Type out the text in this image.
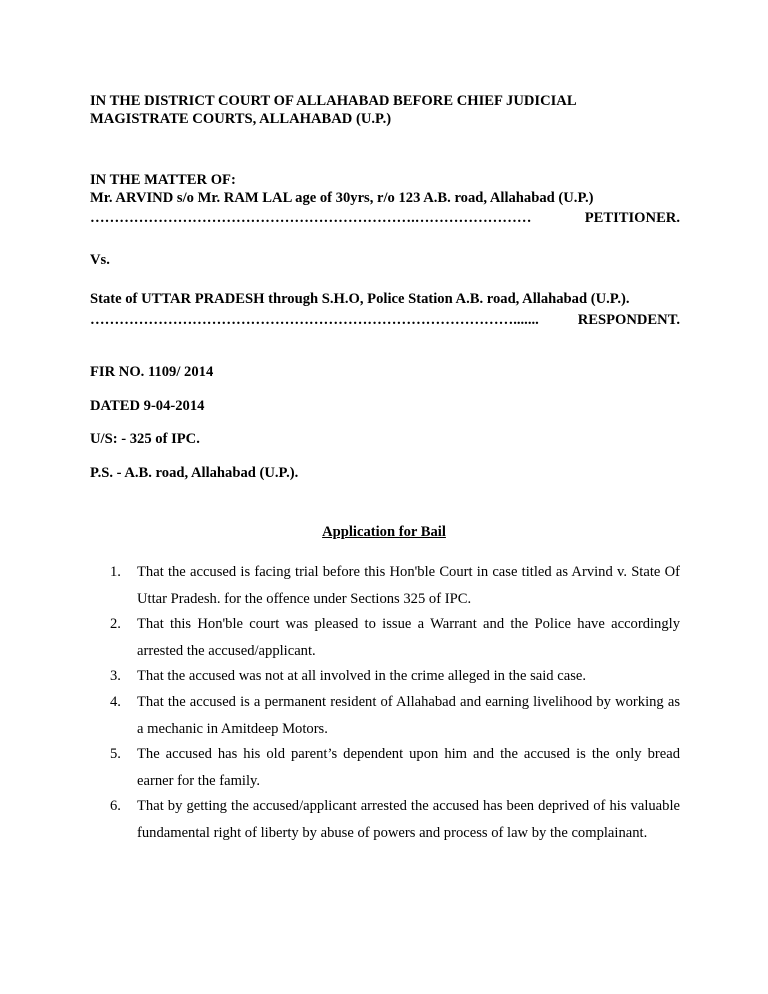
IN THE DISTRICT COURT OF ALLAHABAD BEFORE CHIEF JUDICIAL
MAGISTRATE COURTS, ALLAHABAD (U.P.)
IN THE MATTER OF:
Mr. ARVIND s/o Mr. RAM LAL age of 30yrs, r/o 123 A.B. road, Allahabad (U.P.)
………………………………………………………….……………………	PETITIONER.
Vs.
State of UTTAR PRADESH through S.H.O, Police Station A.B. road, Allahabad (U.P.).
…………………………………………………………………………….......	RESPONDENT.
FIR NO. 1109/ 2014
DATED 9-04-2014
U/S: - 325 of IPC.
P.S. - A.B. road, Allahabad (U.P.).
Application for Bail
1.	That the accused is facing trial before this Hon'ble Court in case titled as Arvind v. State Of Uttar Pradesh. for the offence under Sections 325 of IPC.
2.	That this Hon'ble court was pleased to issue a Warrant and the Police have accordingly arrested the accused/applicant.
3.	That the accused was not at all involved in the crime alleged in the said case.
4.	That the accused is a permanent resident of Allahabad and earning livelihood by working as a mechanic in Amitdeep Motors.
5.	The accused has his old parent’s dependent upon him and the accused is the only bread earner for the family.
6.	That by getting the accused/applicant arrested the accused has been deprived of his valuable fundamental right of liberty by abuse of powers and process of law by the complainant.
